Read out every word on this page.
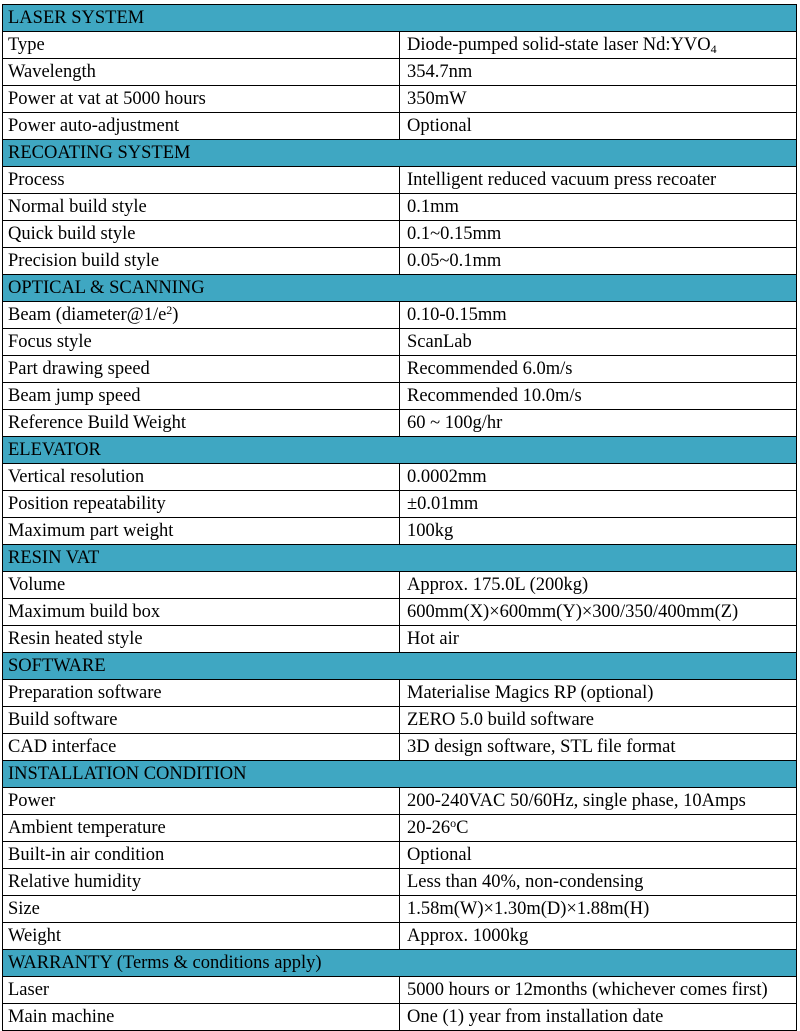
LASER SYSTEM	
Type	Diode-pumped solid-state laser $Nd:YVO_4$
Wavelength	354.7nm
Power at vat at 5000 hours	350mW
Power auto-adjustment	Optional
RECOATING SYSTEM	
Process	Intelligent reduced vacuum press recoater
Normal build style	0.1mm
Quick build style	0.1~0.15mm
Precision build style	0.05~0.1mm
OPTICAL & SCANNING	
Beam $(diameter@1/e^2)$	0.10-0.15mm
Focus style	ScanLab
Part drawing speed	Recommended 6.0m/s
Beam jump speed	Recommended 10.0m/s
Reference Build Weight	60 ~ 100g/hr
ELEVATOR	
Vertical resolution	0.0002mm
Position repeatability	±0.01mm
Maximum part weight	100kg
RESIN VAT	
Volume	Approx. 175.0L (200kg)
Maximum build box	600mm(X)×600mm(Y)×300/350/400mm(Z)
Resin heated style	Hot air
SOFTWARE	
Preparation software	Materialise Magics RP (optional)
Build software	ZERO 5.0 build software
CAD interface	3D design software, STL file format
INSTALLATION CONDITION	
Power	200-240VAC 50/60Hz, single phase, 10Amps
Ambient temperature	20-26$^o$C
Built-in air condition	Optional
Relative humidity	Less than 40%, non-condensing
Size	1.58m(W)×1.30m(D)×1.88m(H)
Weight	Approx. 1000kg
WARRANTY (Terms & conditions apply)	
Laser	5000 hours or 12months (whichever comes first)
Main machine	One (1) year from installation date
